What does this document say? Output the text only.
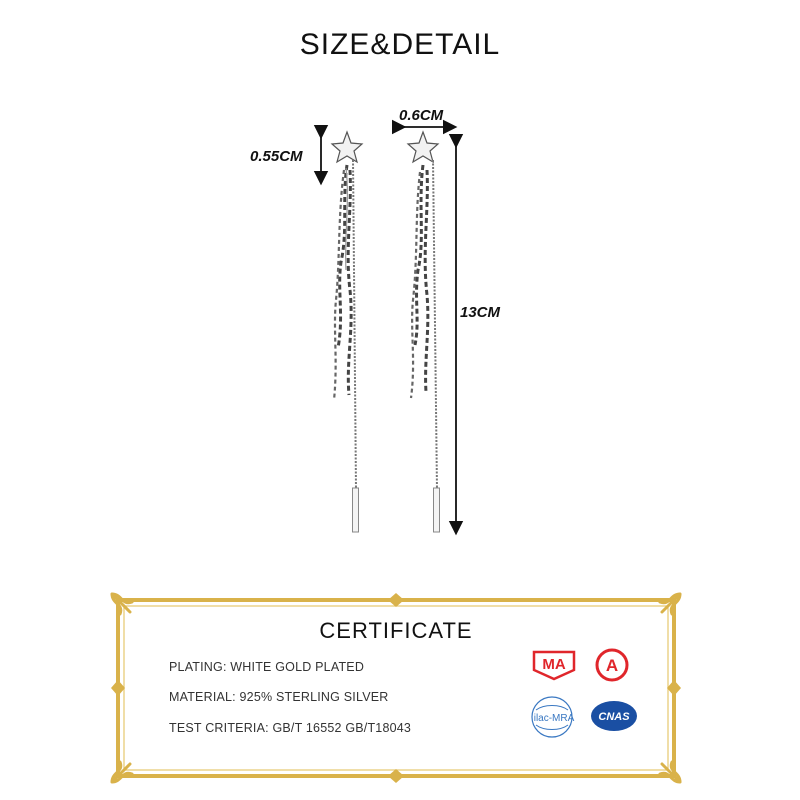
SIZE&DETAIL
0.55CM
0.6CM
13CM
CERTIFICATE
PLATING: WHITE GOLD PLATED
MATERIAL: 925% STERLING SILVER
TEST CRITERIA: GB/T 16552 GB/T18043
MA A
ilac-MRA CNAS
